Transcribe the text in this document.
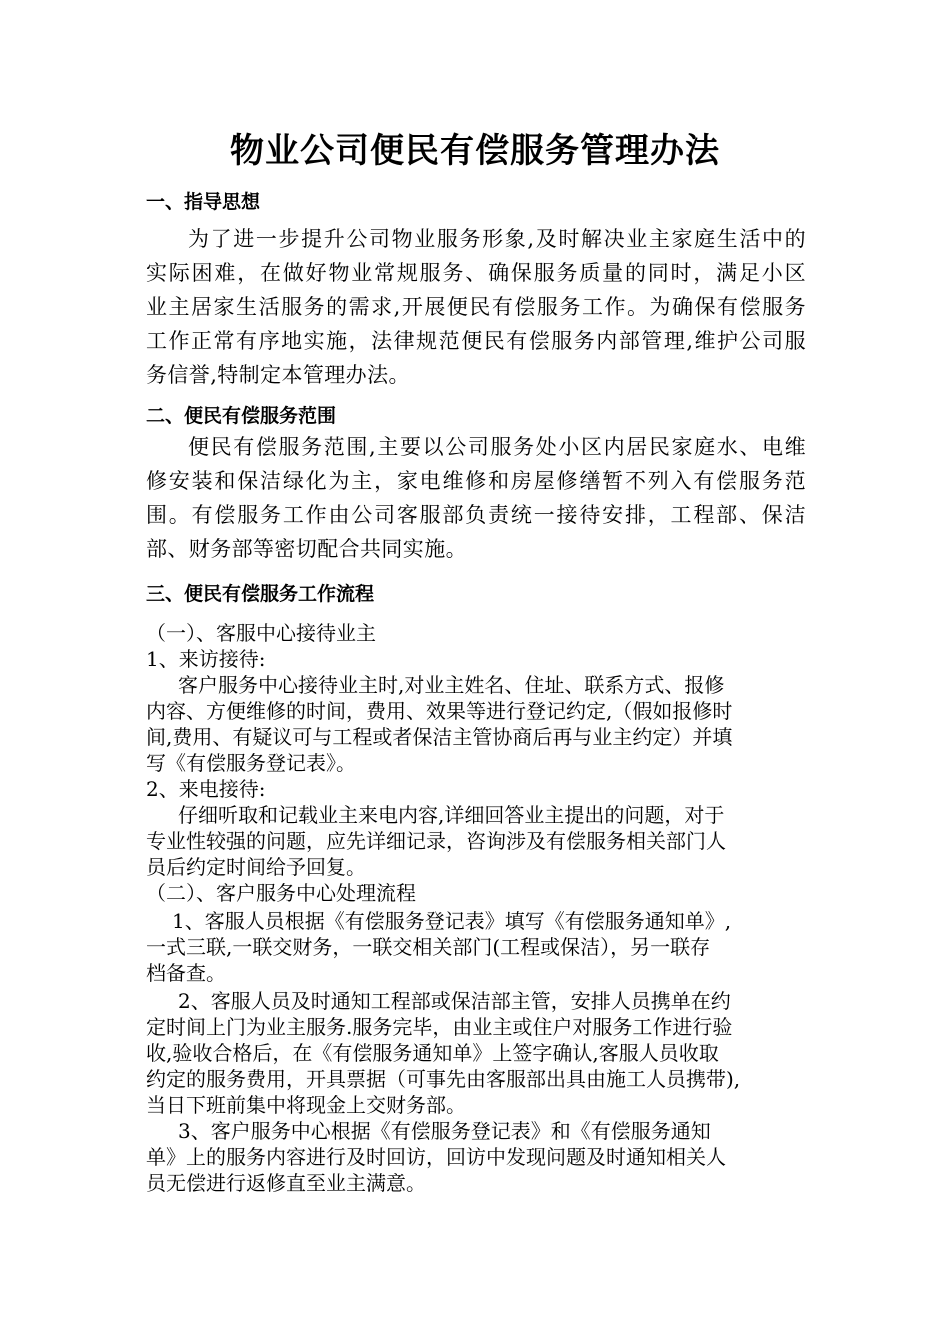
物业公司便民有偿服务管理办法
一、指导思想
为了进一步提升公司物业服务形象,及时解决业主家庭生活中的
实际困难，在做好物业常规服务、确保服务质量的同时，满足小区
业主居家生活服务的需求,开展便民有偿服务工作。为确保有偿服务
工作正常有序地实施，法律规范便民有偿服务内部管理,维护公司服
务信誉,特制定本管理办法。
二、便民有偿服务范围
便民有偿服务范围,主要以公司服务处小区内居民家庭水、电维
修安装和保洁绿化为主，家电维修和房屋修缮暂不列入有偿服务范
围。有偿服务工作由公司客服部负责统一接待安排，工程部、保洁
部、财务部等密切配合共同实施。
三、便民有偿服务工作流程
（一）、客服中心接待业主
1、来访接待:
客户服务中心接待业主时,对业主姓名、住址、联系方式、报修
内容、方便维修的时间，费用、效果等进行登记约定,（假如报修时
间,费用、有疑议可与工程或者保洁主管协商后再与业主约定）并填
写《有偿服务登记表》。
2、来电接待:
仔细听取和记载业主来电内容,详细回答业主提出的问题，对于
专业性较强的问题，应先详细记录，咨询涉及有偿服务相关部门人
员后约定时间给予回复。
（二）、客户服务中心处理流程
1、客服人员根据《有偿服务登记表》填写《有偿服务通知单》,
一式三联,一联交财务，一联交相关部门(工程或保洁），另一联存
档备查。
2、客服人员及时通知工程部或保洁部主管，安排人员携单在约
定时间上门为业主服务.服务完毕，由业主或住户对服务工作进行验
收,验收合格后，在《有偿服务通知单》上签字确认,客服人员收取
约定的服务费用，开具票据（可事先由客服部出具由施工人员携带),
当日下班前集中将现金上交财务部。
3、客户服务中心根据《有偿服务登记表》和《有偿服务通知
单》上的服务内容进行及时回访，回访中发现问题及时通知相关人
员无偿进行返修直至业主满意。
